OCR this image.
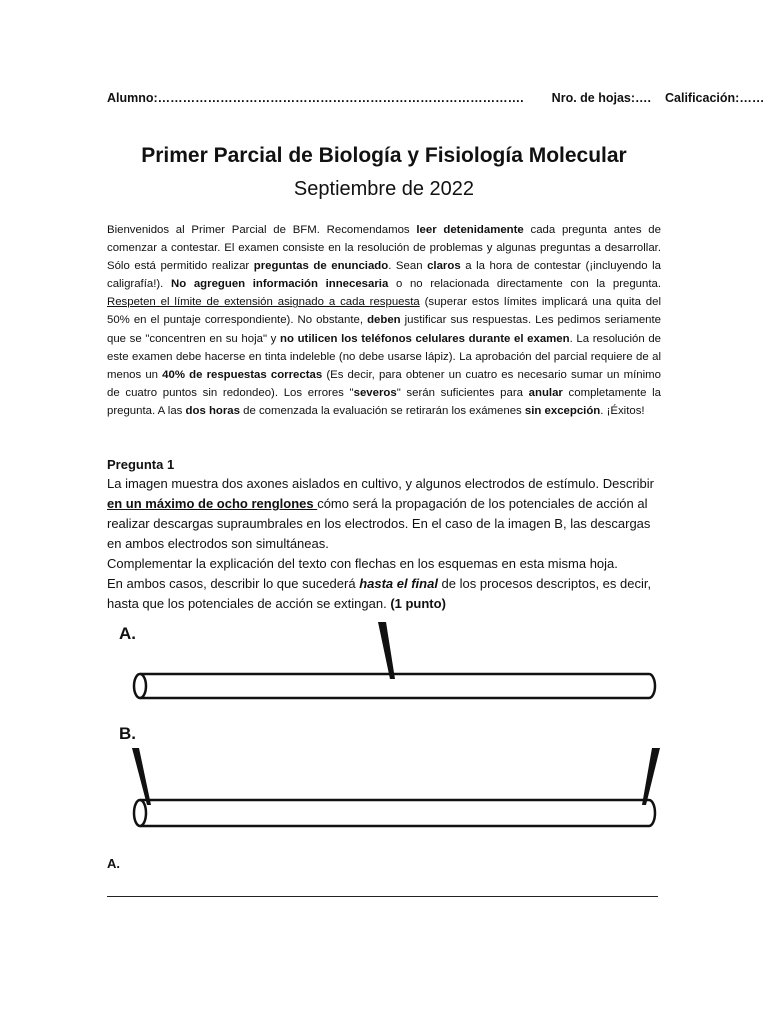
Alumno:……………………………………………………………………………. Nro. de hojas:…. Calificación:……
Primer Parcial de Biología y Fisiología Molecular
Septiembre de 2022
Bienvenidos al Primer Parcial de BFM. Recomendamos leer detenidamente cada pregunta antes de comenzar a contestar. El examen consiste en la resolución de problemas y algunas preguntas a desarrollar. Sólo está permitido realizar preguntas de enunciado. Sean claros a la hora de contestar (¡incluyendo la caligrafía!). No agreguen información innecesaria o no relacionada directamente con la pregunta. Respeten el límite de extensión asignado a cada respuesta (superar estos límites implicará una quita del 50% en el puntaje correspondiente). No obstante, deben justificar sus respuestas. Les pedimos seriamente que se "concentren en su hoja" y no utilicen los teléfonos celulares durante el examen. La resolución de este examen debe hacerse en tinta indeleble (no debe usarse lápiz). La aprobación del parcial requiere de al menos un 40% de respuestas correctas (Es decir, para obtener un cuatro es necesario sumar un mínimo de cuatro puntos sin redondeo). Los errores "severos" serán suficientes para anular completamente la pregunta. A las dos horas de comenzada la evaluación se retirarán los exámenes sin excepción. ¡Éxitos!
Pregunta 1
La imagen muestra dos axones aislados en cultivo, y algunos electrodos de estímulo. Describir en un máximo de ocho renglones cómo será la propagación de los potenciales de acción al realizar descargas supraumbrales en los electrodos. En el caso de la imagen B, las descargas en ambos electrodos son simultáneas.
Complementar la explicación del texto con flechas en los esquemas en esta misma hoja.
En ambos casos, describir lo que sucederá hasta el final de los procesos descriptos, es decir, hasta que los potenciales de acción se extingan. (1 punto)
A.
B.
A.
